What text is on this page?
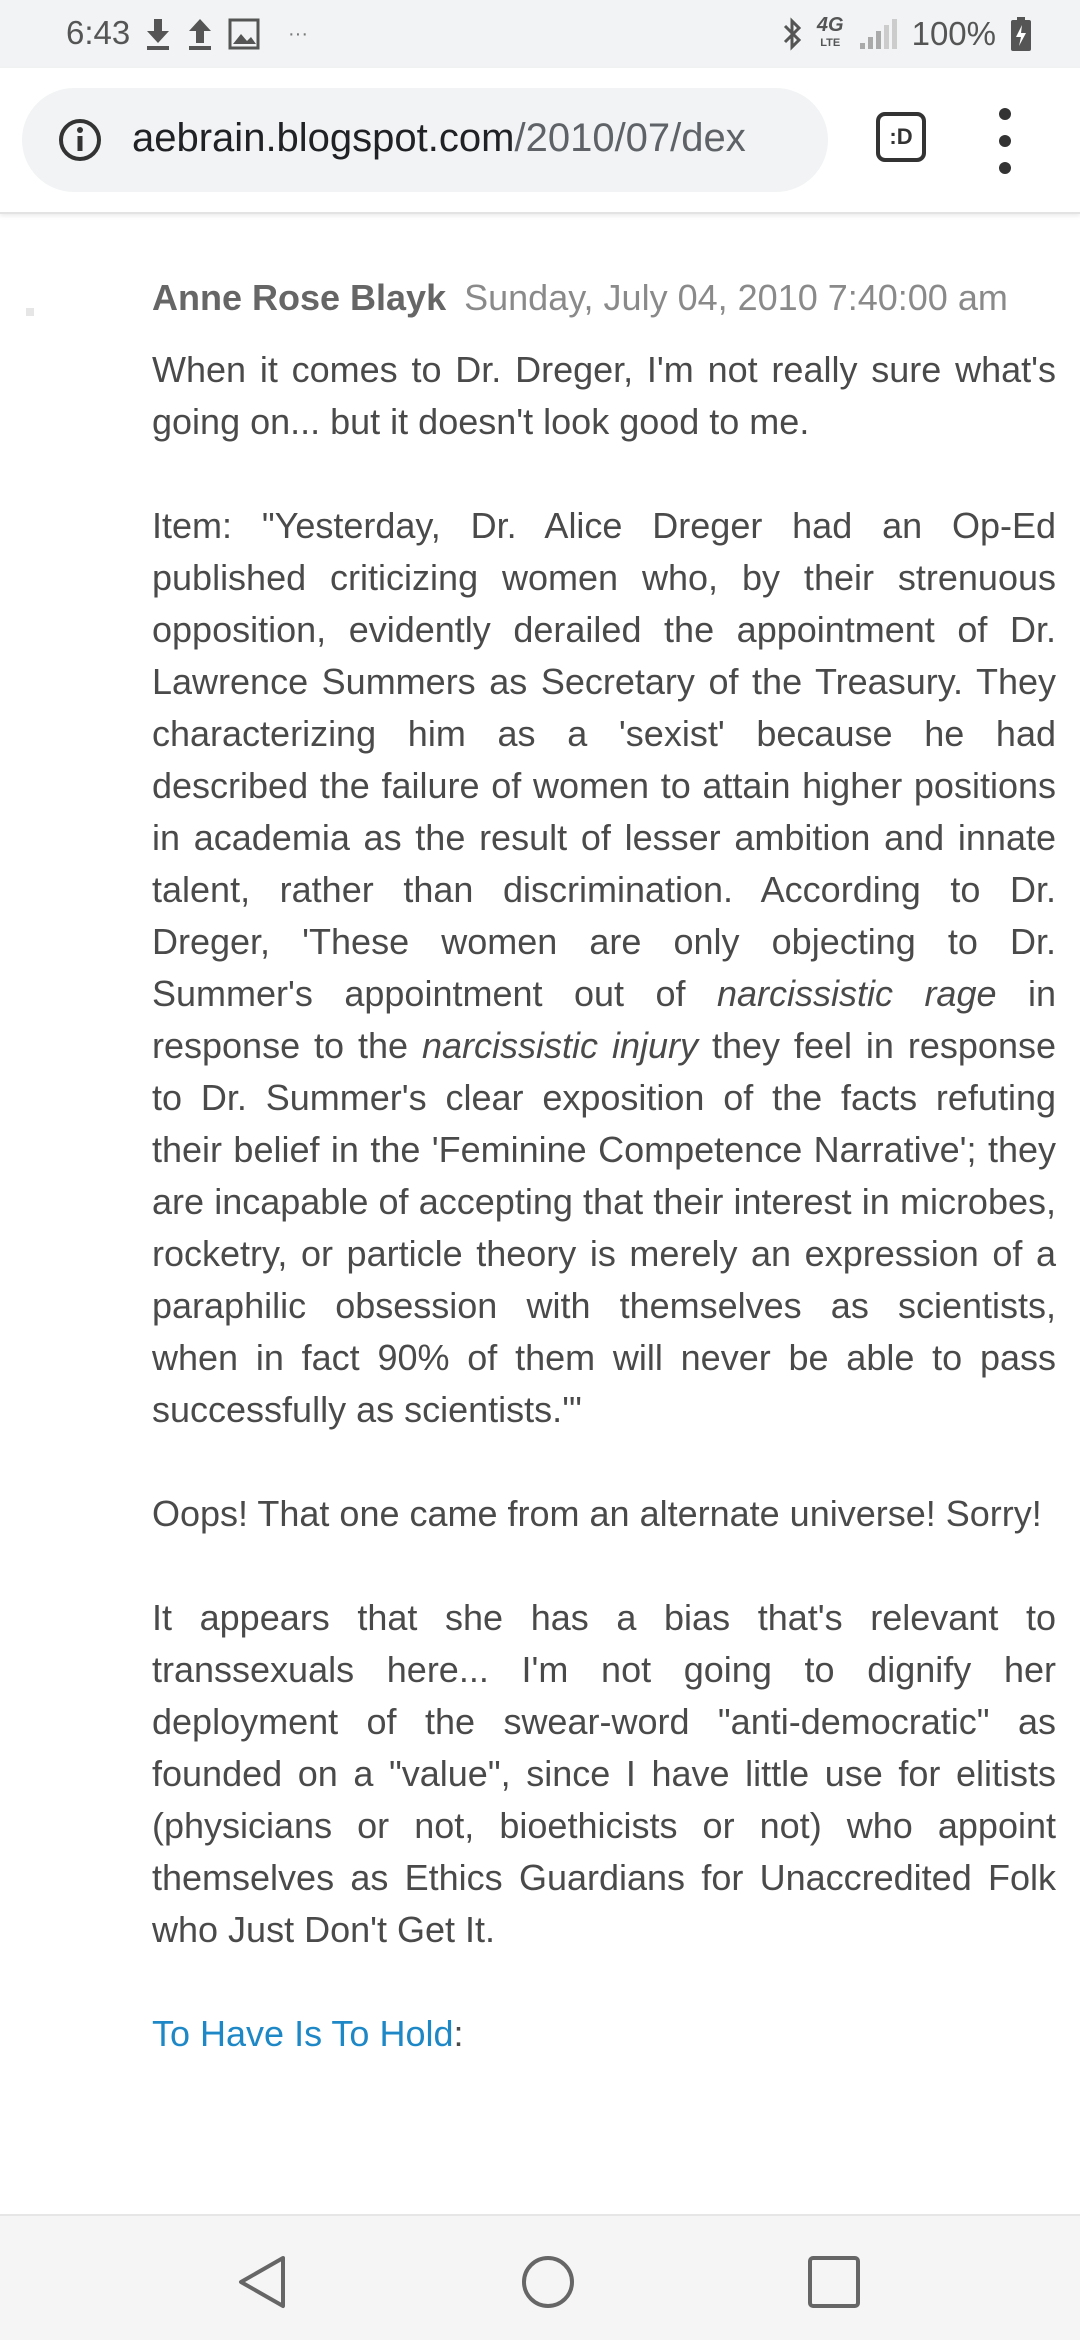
6:43	···	4G
LTE 100%
aebrain.blogspot.com/2010/07/dex	:D
Anne Rose Blayk Sunday, July 04, 2010 7:40:00 am

When it comes to Dr. Dreger, I'm not really sure what's going on... but it doesn't look good to me.

Item: "Yesterday, Dr. Alice Dreger had an Op-Ed published criticizing women who, by their strenuous opposition, evidently derailed the appointment of Dr. Lawrence Summers as Secretary of the Treasury. They characterizing him as a 'sexist' because he had described the failure of women to attain higher positions in academia as the result of lesser ambition and innate talent, rather than discrimination. According to Dr. Dreger, 'These women are only objecting to Dr. Summer's appointment out of narcissistic rage in response to the narcissistic injury they feel in response to Dr. Summer's clear exposition of the facts refuting their belief in the 'Feminine Competence Narrative'; they are incapable of accepting that their interest in microbes, rocketry, or particle theory is merely an expression of a paraphilic obsession with themselves as scientists, when in fact 90% of them will never be able to pass successfully as scientists.'"

Oops! That one came from an alternate universe! Sorry!

It appears that she has a bias that's relevant to transsexuals here... I'm not going to dignify her deployment of the swear-word "anti-democratic" as founded on a "value", since I have little use for elitists (physicians or not, bioethicists or not) who appoint themselves as Ethics Guardians for Unaccredited Folk who Just Don't Get It.

To Have Is To Hold:
